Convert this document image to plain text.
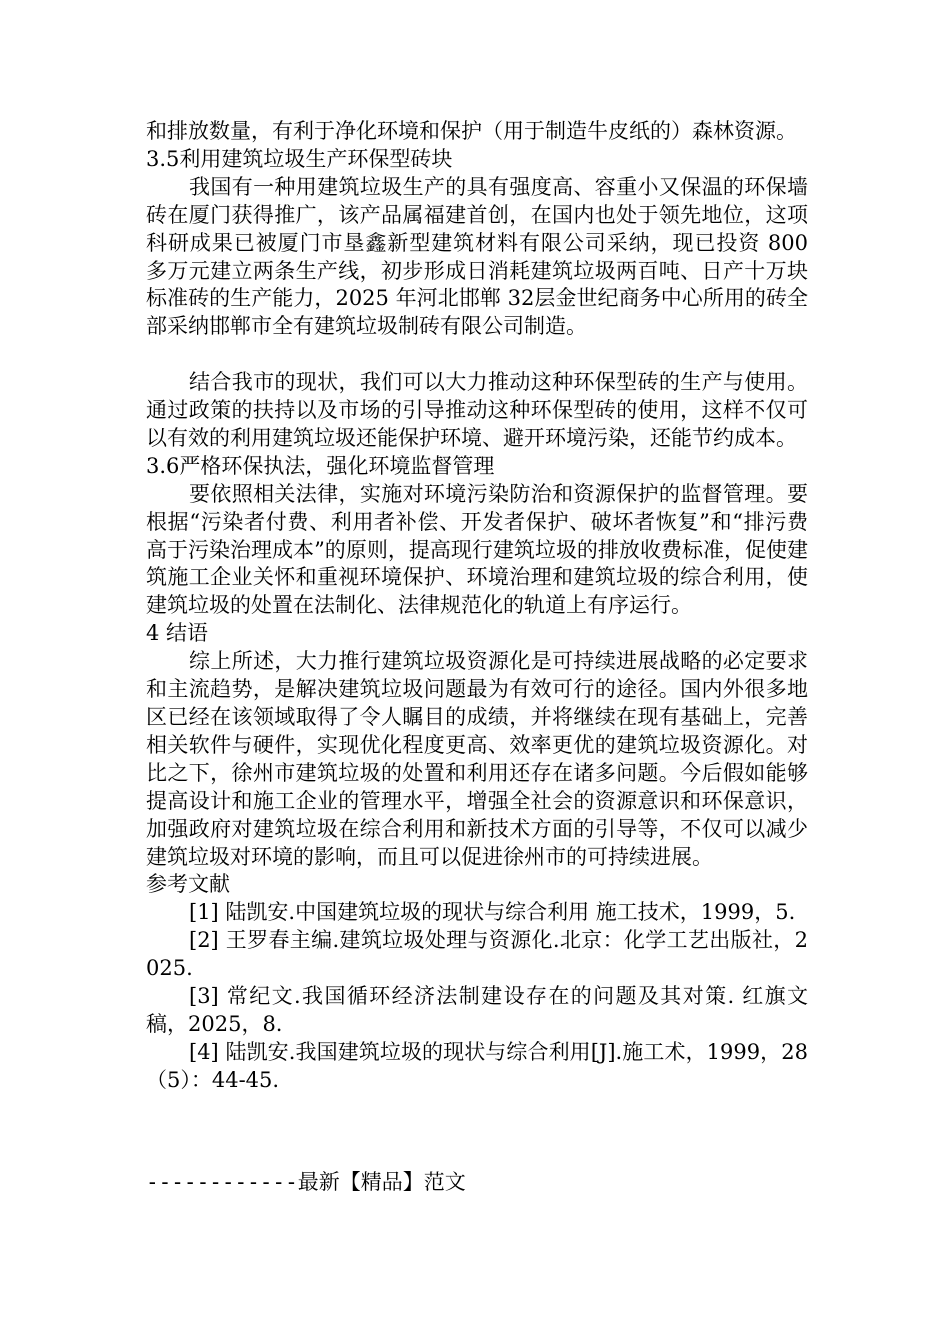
和排放数量，有利于净化环境和保护（用于制造牛皮纸的）森林资源。

3.5利用建筑垃圾生产环保型砖块

我国有一种用建筑垃圾生产的具有强度高、容重小又保温的环保墙砖在厦门获得推广，该产品属福建首创，在国内也处于领先地位，这项科研成果已被厦门市垦鑫新型建筑材料有限公司采纳，现已投资 800 多万元建立两条生产线，初步形成日消耗建筑垃圾两百吨、日产十万块标准砖的生产能力，2025 年河北邯郸 32层金世纪商务中心所用的砖全部采纳邯郸市全有建筑垃圾制砖有限公司制造。

结合我市的现状，我们可以大力推动这种环保型砖的生产与使用。通过政策的扶持以及市场的引导推动这种环保型砖的使用，这样不仅可以有效的利用建筑垃圾还能保护环境、避开环境污染，还能节约成本。

3.6严格环保执法，强化环境监督管理

要依照相关法律，实施对环境污染防治和资源保护的监督管理。要根据“污染者付费、利用者补偿、开发者保护、破坏者恢复”和“排污费高于污染治理成本”的原则，提高现行建筑垃圾的排放收费标准，促使建筑施工企业关怀和重视环境保护、环境治理和建筑垃圾的综合利用，使建筑垃圾的处置在法制化、法律规范化的轨道上有序运行。

4 结语

综上所述，大力推行建筑垃圾资源化是可持续进展战略的必定要求和主流趋势，是解决建筑垃圾问题最为有效可行的途径。国内外很多地区已经在该领域取得了令人瞩目的成绩，并将继续在现有基础上，完善相关软件与硬件，实现优化程度更高、效率更优的建筑垃圾资源化。对比之下，徐州市建筑垃圾的处置和利用还存在诸多问题。今后假如能够提高设计和施工企业的管理水平，增强全社会的资源意识和环保意识，加强政府对建筑垃圾在综合利用和新技术方面的引导等，不仅可以减少建筑垃圾对环境的影响，而且可以促进徐州市的可持续进展。

参考文献

[1] 陆凯安.中国建筑垃圾的现状与综合利用 施工技术，1999，5.

[2] 王罗春主编.建筑垃圾处理与资源化.北京：化学工艺出版社，2025.

[3] 常纪文.我国循环经济法制建设存在的问题及其对策. 红旗文稿，2025，8.

[4] 陆凯安.我国建筑垃圾的现状与综合利用[J].施工术，1999，28（5）：44-45.

------------最新【精品】范文
